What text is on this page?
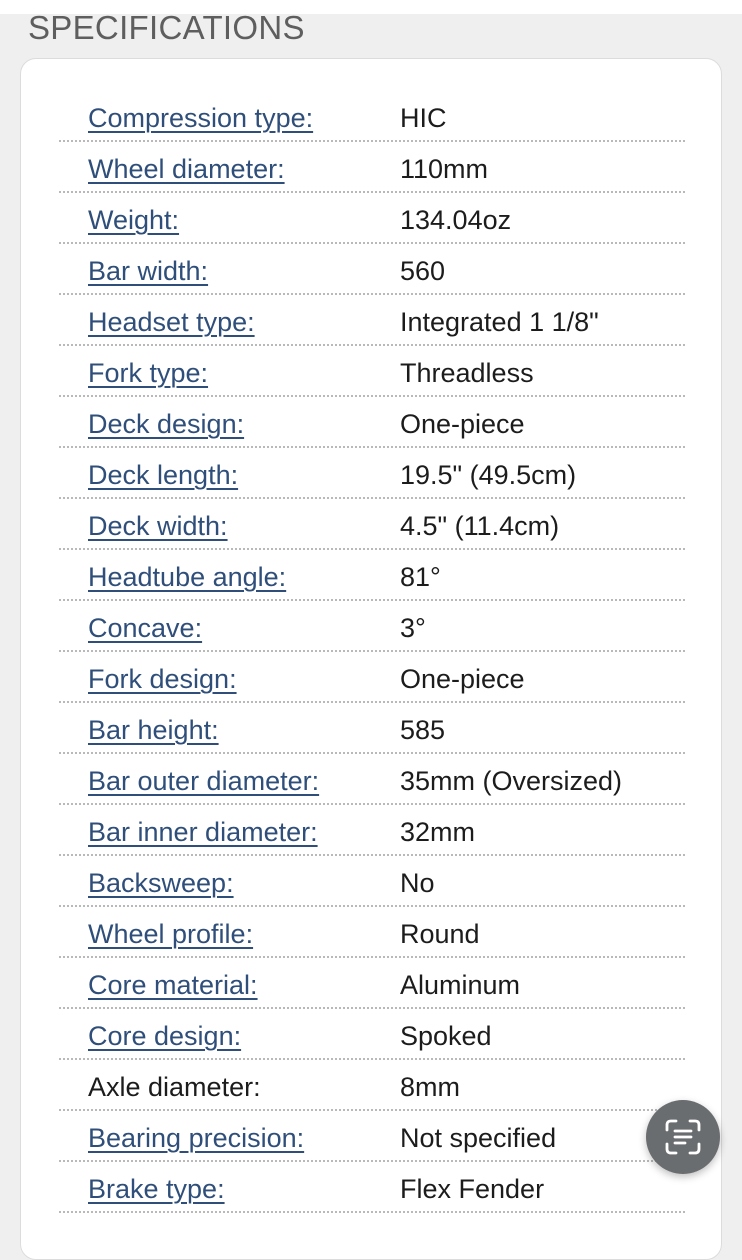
SPECIFICATIONS
Compression type:	HIC
Wheel diameter:	110mm
Weight:	134.04oz
Bar width:	560
Headset type:	Integrated 1 1/8"
Fork type:	Threadless
Deck design:	One-piece
Deck length:	19.5" (49.5cm)
Deck width:	4.5" (11.4cm)
Headtube angle:	81°
Concave:	3°
Fork design:	One-piece
Bar height:	585
Bar outer diameter:	35mm (Oversized)
Bar inner diameter:	32mm
Backsweep:	No
Wheel profile:	Round
Core material:	Aluminum
Core design:	Spoked
Axle diameter:	8mm
Bearing precision:	Not specified
Brake type:	Flex Fender
